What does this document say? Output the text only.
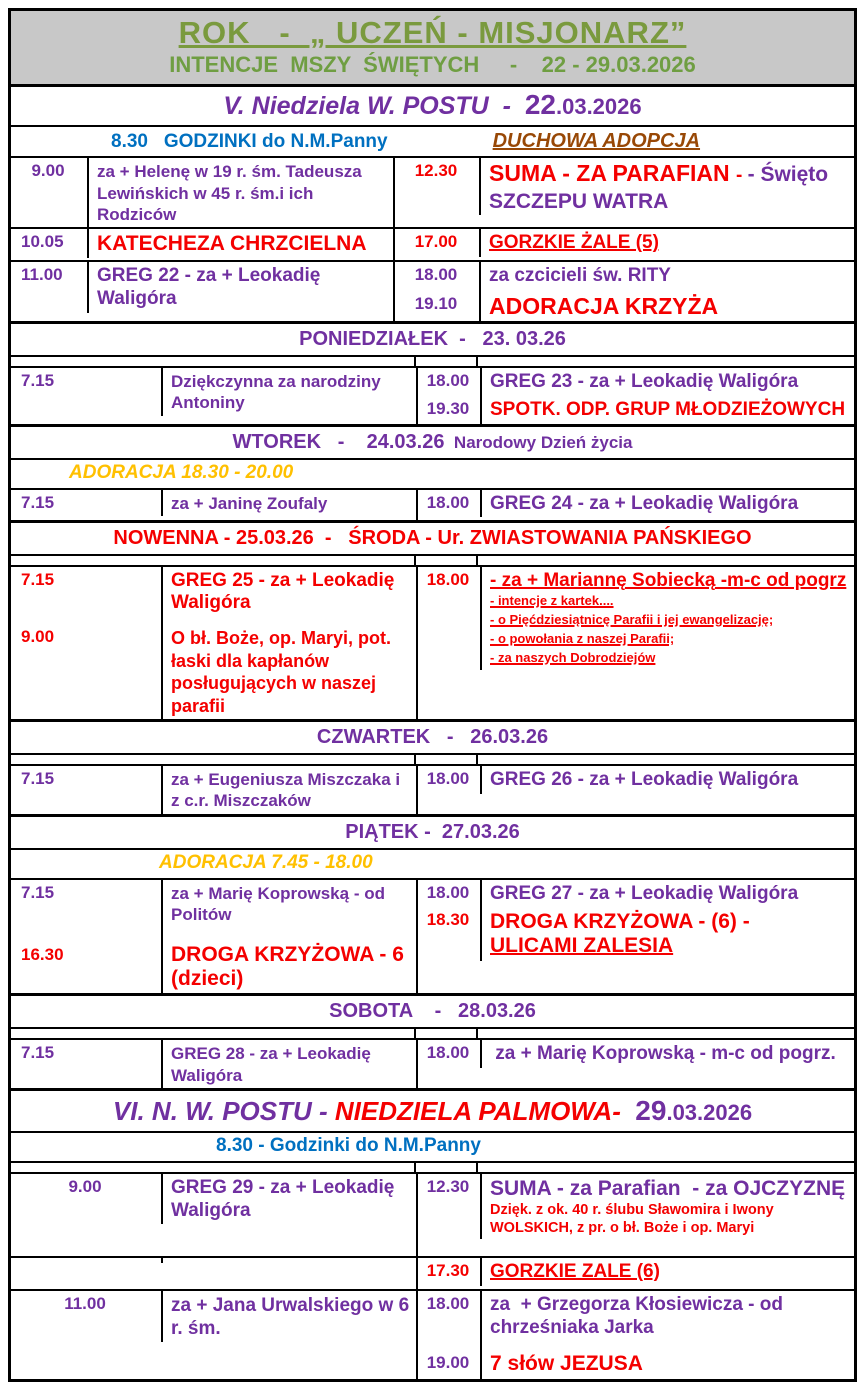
ROK   -  „ UCZEŃ - MISJONARZ”
INTENCJE  MSZY  ŚWIĘTYCH     -    22 - 29.03.2026
V. Niedziela W. POSTU  -  22.03.2026
8.30 GODZINKI do N.M.Panny	DUCHOWA ADOPCJA
9.00	za + Helenę w 19 r. śm. Tadeusza Lewińskich w 45 r. śm.i ich Rodziców
12.30	SUMA - ZA PARAFIAN - - Święto SZCZEPU WATRA
10.05	KATECHEZA CHRZCIELNA	17.00	GORZKIE ŻALE (5)
11.00	GREG 22 - za + Leokadię Waligóra
18.00	za czcicieli św. RITY
19.10	ADORACJA KRZYŻA
PONIEDZIAŁEK  -   23. 03.26
7.15	Dziękczynna za narodziny Antoniny
18.00	GREG 23 - za + Leokadię Waligóra
19.30	SPOTK. ODP. GRUP MŁODZIEŻOWYCH
WTOREK   -    24.03.26  Narodowy Dzień życia
ADORACJA 18.30 - 20.00
7.15	za + Janinę Zoufaly	18.00	GREG 24 - za + Leokadię Waligóra
NOWENNA - 25.03.26  -   ŚRODA - Ur. ZWIASTOWANIA PAŃSKIEGO
7.15	GREG 25 - za + Leokadię Waligóra
9.00	O bł. Boże, op. Maryi, pot. łaski dla kapłanów posługujących w naszej parafii
18.00	- za + Mariannę Sobiecką -m-c od pogrz
- intencje z kartek....
- o Pięćdziesiątnicę Parafii i jej ewangelizację;
- o powołania z naszej Parafii;
- za naszych Dobrodziejów
CZWARTEK   -   26.03.26
7.15	za + Eugeniusza Miszczaka i z c.r. Miszczaków
18.00	GREG 26 - za + Leokadię Waligóra
PIĄTEK -  27.03.26
ADORACJA 7.45 - 18.00
7.15	za + Marię Koprowską - od Politów
16.30	DROGA KRZYŻOWA - 6 (dzieci)
18.00	GREG 27 - za + Leokadię Waligóra
18.30 DROGA KRZYŻOWA - (6) -   ULICAMI ZALESIA
SOBOTA    -   28.03.26
7.15	GREG 28 - za + Leokadię Waligóra
18.00	za + Marię Koprowską - m-c od pogrz.
VI. N. W. POSTU - NIEDZIELA PALMOWA-  29.03.2026
8.30 - Godzinki do N.M.Panny
9.00	GREG 29 - za + Leokadię Waligóra
12.30 SUMA - za Parafian  - za OJCZYZNĘ
Dzięk. z ok. 40 r. ślubu Sławomira i Iwony WOLSKICH, z pr. o bł. Boże i op. Maryi
17.30	GORZKIE ZALE (6)
11.00	za + Jana Urwalskiego w 6 r. śm.
18.00	za  + Grzegorza Kłosiewicza - od chrześniaka Jarka
19.00 7 słów JEZUSA
